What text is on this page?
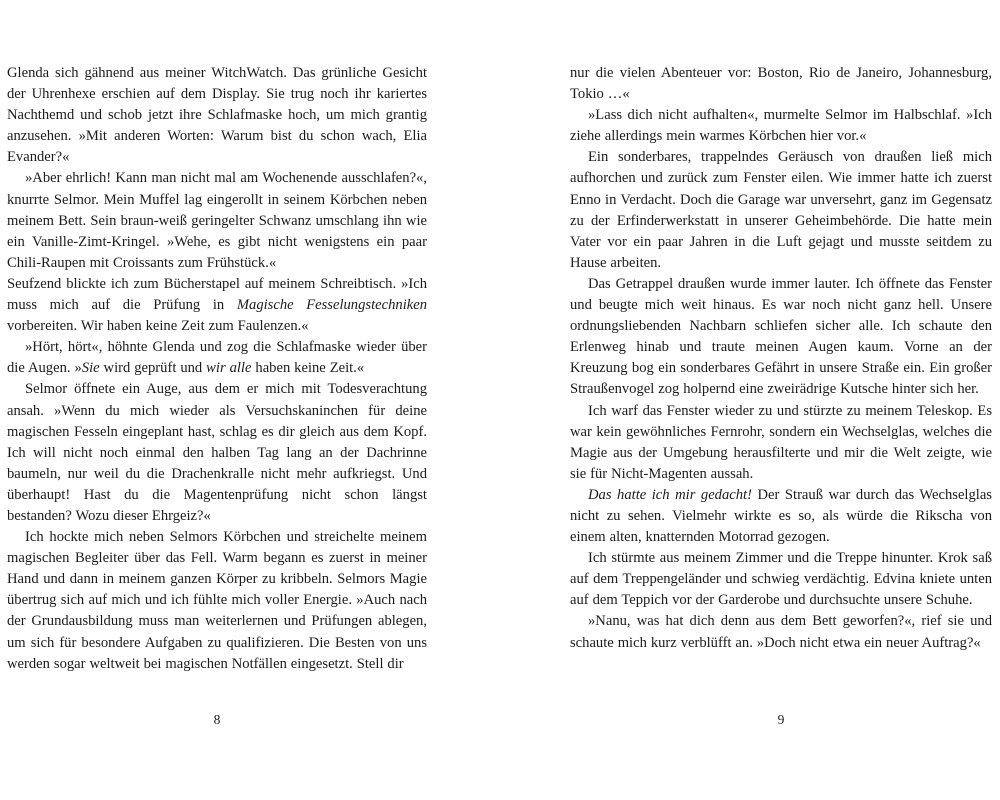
Glenda sich gähnend aus meiner WitchWatch. Das grünliche Gesicht der Uhrenhexe erschien auf dem Display. Sie trug noch ihr kariertes Nachthemd und schob jetzt ihre Schlafmaske hoch, um mich grantig anzusehen. »Mit anderen Worten: Warum bist du schon wach, Elia Evander?«

»Aber ehrlich! Kann man nicht mal am Wochenende ausschlafen?«, knurrte Selmor. Mein Muffel lag eingerollt in seinem Körbchen neben meinem Bett. Sein braun-weiß geringelter Schwanz umschlang ihn wie ein Vanille-Zimt-Kringel. »Wehe, es gibt nicht wenigstens ein paar Chili-Raupen mit Croissants zum Frühstück.«

Seufzend blickte ich zum Bücherstapel auf meinem Schreibtisch. »Ich muss mich auf die Prüfung in Magische Fesselungstechniken vorbereiten. Wir haben keine Zeit zum Faulenzen.«

»Hört, hört«, höhnte Glenda und zog die Schlafmaske wieder über die Augen. »Sie wird geprüft und wir alle haben keine Zeit.«

Selmor öffnete ein Auge, aus dem er mich mit Todesverachtung ansah. »Wenn du mich wieder als Versuchskaninchen für deine magischen Fesseln eingeplant hast, schlag es dir gleich aus dem Kopf. Ich will nicht noch einmal den halben Tag lang an der Dachrinne baumeln, nur weil du die Drachenkralle nicht mehr aufkriegst. Und überhaupt! Hast du die Magentenprüfung nicht schon längst bestanden? Wozu dieser Ehrgeiz?«

Ich hockte mich neben Selmors Körbchen und streichelte meinem magischen Begleiter über das Fell. Warm begann es zuerst in meiner Hand und dann in meinem ganzen Körper zu kribbeln. Selmors Magie übertrug sich auf mich und ich fühlte mich voller Energie. »Auch nach der Grundausbildung muss man weiterlernen und Prüfungen ablegen, um sich für besondere Aufgaben zu qualifizieren. Die Besten von uns werden sogar weltweit bei magischen Notfällen eingesetzt. Stell dir

8

nur die vielen Abenteuer vor: Boston, Rio de Janeiro, Johannesburg, Tokio …«

»Lass dich nicht aufhalten«, murmelte Selmor im Halbschlaf. »Ich ziehe allerdings mein warmes Körbchen hier vor.«

Ein sonderbares, trappelndes Geräusch von draußen ließ mich aufhorchen und zurück zum Fenster eilen. Wie immer hatte ich zuerst Enno in Verdacht. Doch die Garage war unversehrt, ganz im Gegensatz zu der Erfinderwerkstatt in unserer Geheimbehörde. Die hatte mein Vater vor ein paar Jahren in die Luft gejagt und musste seitdem zu Hause arbeiten.

Das Getrappel draußen wurde immer lauter. Ich öffnete das Fenster und beugte mich weit hinaus. Es war noch nicht ganz hell. Unsere ordnungsliebenden Nachbarn schliefen sicher alle. Ich schaute den Erlenweg hinab und traute meinen Augen kaum. Vorne an der Kreuzung bog ein sonderbares Gefährt in unsere Straße ein. Ein großer Straußenvogel zog holpernd eine zweirädrige Kutsche hinter sich her.

Ich warf das Fenster wieder zu und stürzte zu meinem Teleskop. Es war kein gewöhnliches Fernrohr, sondern ein Wechselglas, welches die Magie aus der Umgebung herausfilterte und mir die Welt zeigte, wie sie für Nicht-Magenten aussah.

Das hatte ich mir gedacht! Der Strauß war durch das Wechselglas nicht zu sehen. Vielmehr wirkte es so, als würde die Rikscha von einem alten, knatternden Motorrad gezogen.

Ich stürmte aus meinem Zimmer und die Treppe hinunter. Krok saß auf dem Treppengeländer und schwieg verdächtig. Edvina kniete unten auf dem Teppich vor der Garderobe und durchsuchte unsere Schuhe.

»Nanu, was hat dich denn aus dem Bett geworfen?«, rief sie und schaute mich kurz verblüfft an. »Doch nicht etwa ein neuer Auftrag?«

9
